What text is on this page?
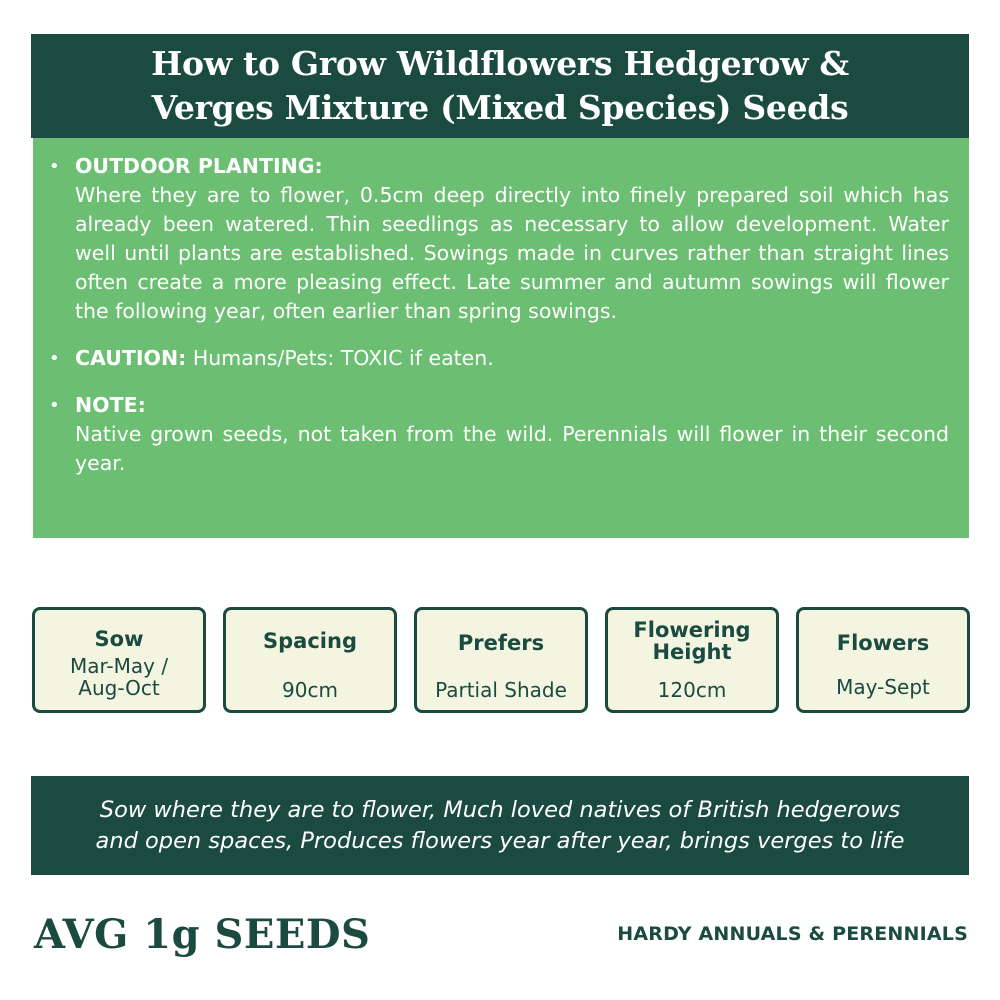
How to Grow Wildflowers Hedgerow &
Verges Mixture (Mixed Species) Seeds
• OUTDOOR PLANTING:
Where they are to flower, 0.5cm deep directly into finely prepared soil which has already been watered. Thin seedlings as necessary to allow development. Water well until plants are established. Sowings made in curves rather than straight lines often create a more pleasing effect. Late summer and autumn sowings will flower the following year, often earlier than spring sowings.
• CAUTION: Humans/Pets: TOXIC if eaten.
• NOTE:
Native grown seeds, not taken from the wild. Perennials will flower in their second year.
Sow
Mar-May /
Aug-Oct
Spacing
90cm
Prefers
Partial Shade
Flowering Height
120cm
Flowers
May-Sept
Sow where they are to flower, Much loved natives of British hedgerows
and open spaces, Produces flowers year after year, brings verges to life
AVG 1g SEEDS	HARDY ANNUALS & PERENNIALS
